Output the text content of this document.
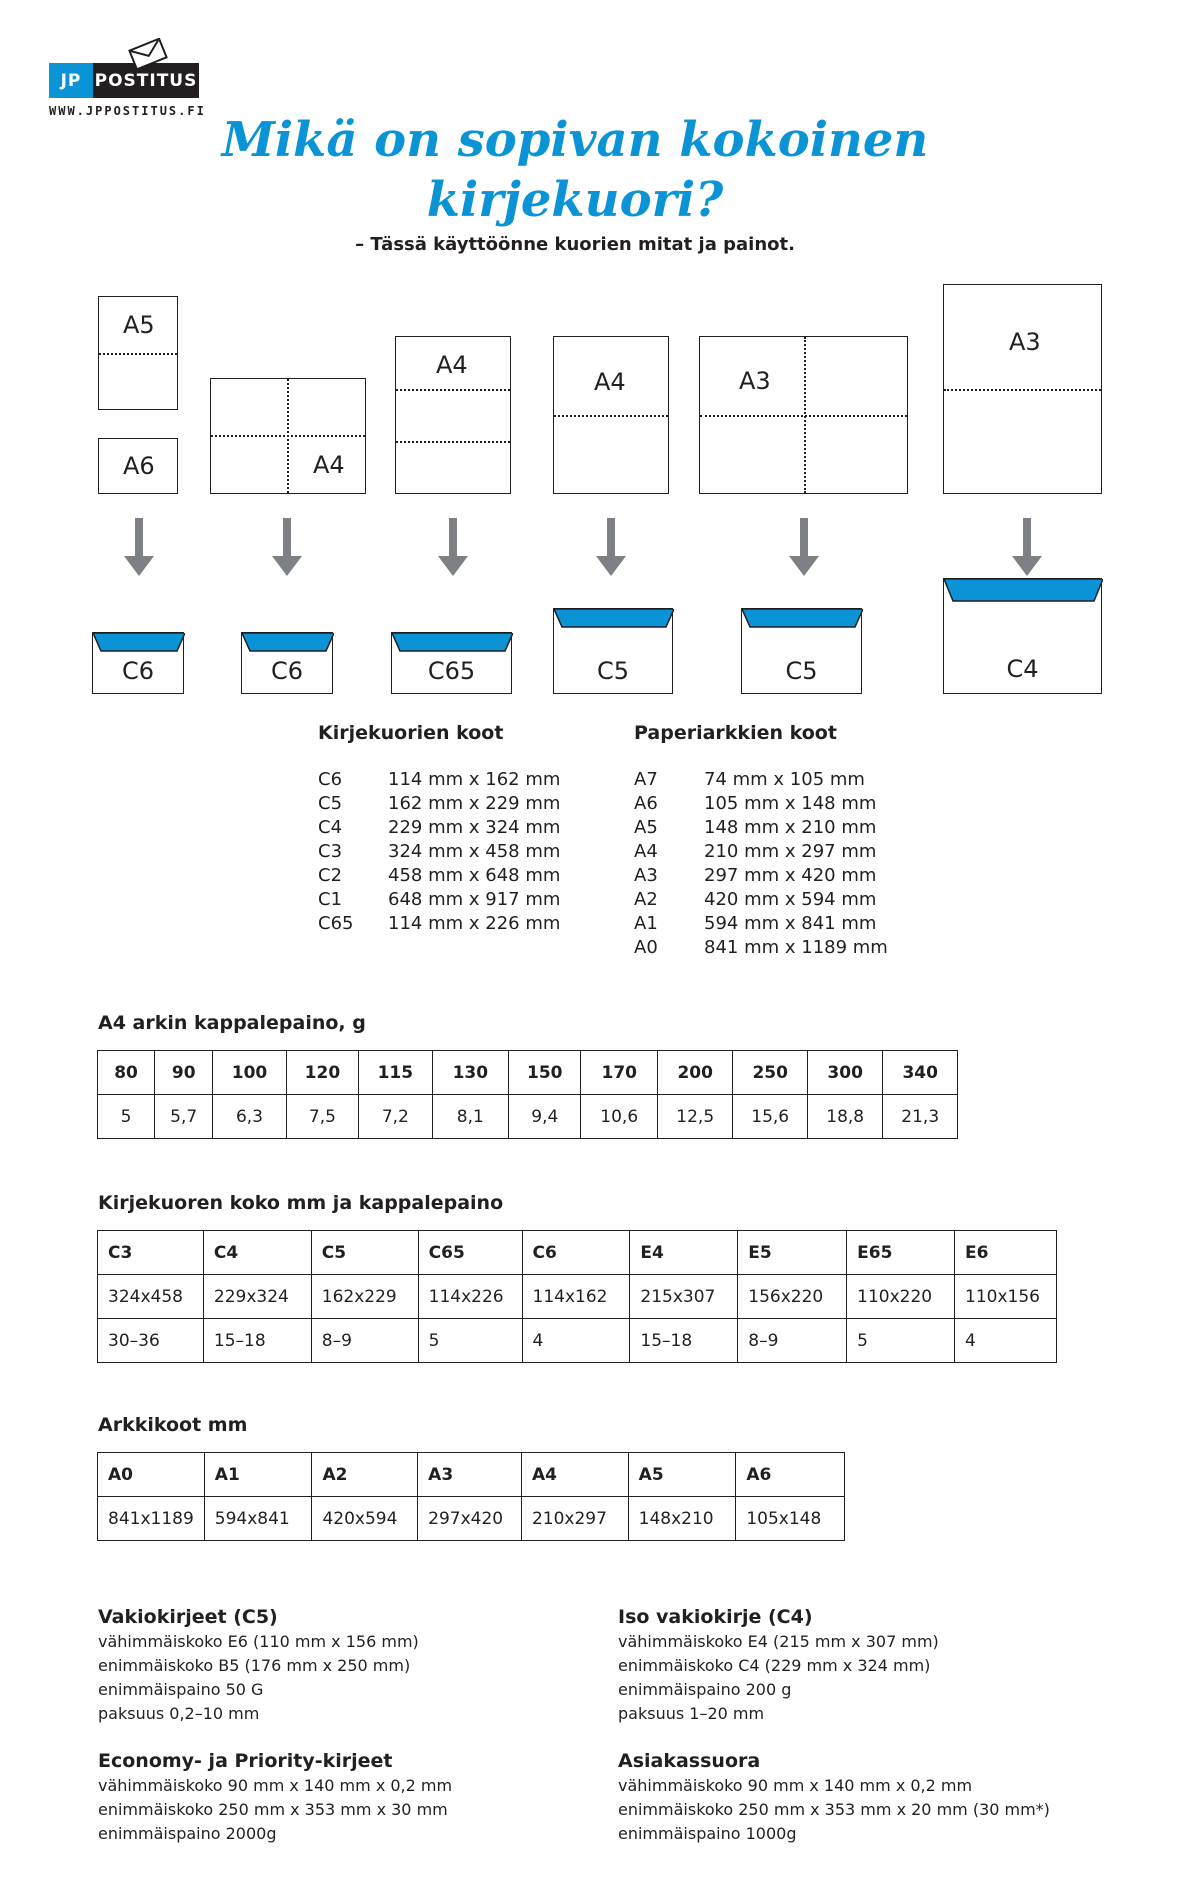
JP POSTITUS
WWW.JPPOSTITUS.FI
Mikä on sopivan kokoinen
kirjekuori?
– Tässä käyttöönne kuorien mitat ja painot.
A5
A6	A4
A4
A4	A3
A3
C6	C6	C65	C5	C5	C4
Kirjekuorien koot
C6	114 mm x 162 mm
C5	162 mm x 229 mm
C4	229 mm x 324 mm
C3	324 mm x 458 mm
C2	458 mm x 648 mm
C1	648 mm x 917 mm
C65	114 mm x 226 mm
Paperiarkkien koot
A7	74 mm x 105 mm
A6	105 mm x 148 mm
A5	148 mm x 210 mm
A4	210 mm x 297 mm
A3	297 mm x 420 mm
A2	420 mm x 594 mm
A1	594 mm x 841 mm
A0	841 mm x 1189 mm
A4 arkin kappalepaino, g
80	90	100	120	115	130	150	170	200	250	300	340
5	5,7	6,3	7,5	7,2	8,1	9,4	10,6	12,5	15,6	18,8	21,3
Kirjekuoren koko mm ja kappalepaino
C3	C4	C5	C65	C6	E4	E5	E65	E6
324x458	229x324	162x229	114x226	114x162	215x307	156x220	110x220	110x156
30–36	15–18	8–9	5	4	15–18	8–9	5	4
Arkkikoot mm
A0	A1	A2	A3	A4	A5	A6
841x1189	594x841	420x594	297x420	210x297	148x210	105x148
Vakiokirjeet (C5)
vähimmäiskoko E6 (110 mm x 156 mm)
enimmäiskoko B5 (176 mm x 250 mm)
enimmäispaino 50 G
paksuus 0,2–10 mm
Iso vakiokirje (C4)
vähimmäiskoko E4 (215 mm x 307 mm)
enimmäiskoko C4 (229 mm x 324 mm)
enimmäispaino 200 g
paksuus 1–20 mm
Economy- ja Priority-kirjeet
vähimmäiskoko 90 mm x 140 mm x 0,2 mm
enimmäiskoko 250 mm x 353 mm x 30 mm
enimmäispaino 2000g
Asiakassuora
vähimmäiskoko 90 mm x 140 mm x 0,2 mm
enimmäiskoko 250 mm x 353 mm x 20 mm (30 mm*)
enimmäispaino 1000g
